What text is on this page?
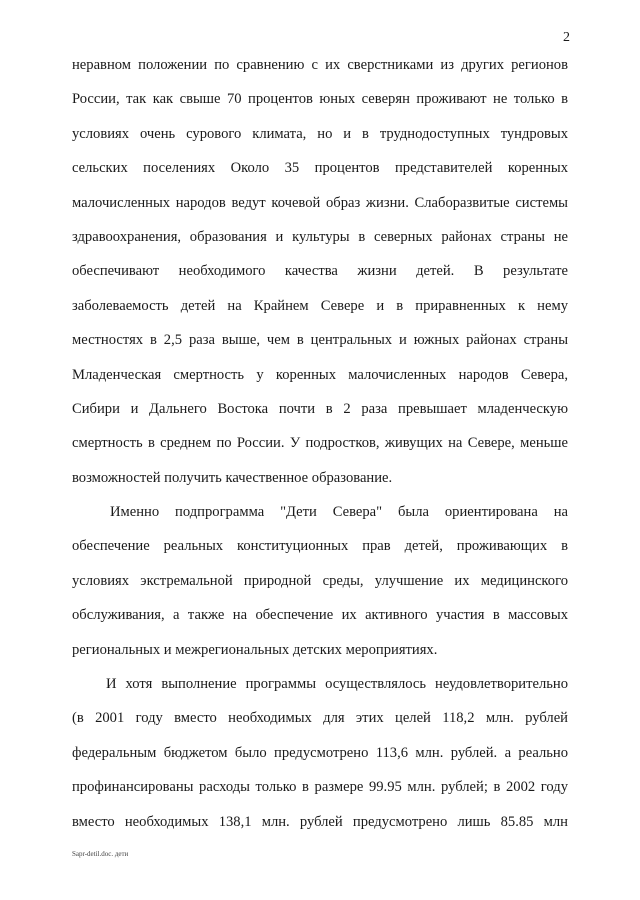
2
неравном положении по сравнению с их сверстниками из других регионов
России, так как свыше 70 процентов юных северян проживают не только в
условиях очень сурового климата, но и в труднодоступных тундровых
сельских поселениях Около 35 процентов представителей коренных
малочисленных народов ведут кочевой образ жизни. Слаборазвитые системы
здравоохранения, образования и культуры в северных районах страны не
обеспечивают необходимого качества жизни детей. В результате
заболеваемость детей на Крайнем Севере и в приравненных к нему
местностях в 2,5 раза выше, чем в центральных и южных районах страны
Младенческая смертность у коренных малочисленных народов Севера,
Сибири и Дальнего Востока почти в 2 раза превышает младенческую
смертность в среднем по России. У подростков, живущих на Севере, меньше
возможностей получить качественное образование.
Именно подпрограмма "Дети Севера" была ориентирована на
обеспечение реальных конституционных прав детей, проживающих в
условиях экстремальной природной среды, улучшение их медицинского
обслуживания, а также на обеспечение их активного участия в массовых
региональных и межрегиональных детских мероприятиях.
И хотя выполнение программы осуществлялось неудовлетворительно
(в 2001 году вместо необходимых для этих целей 118,2 млн. рублей
федеральным бюджетом было предусмотрено 113,6 млн. рублей. а реально
профинансированы расходы только в размере 99.95 млн. рублей; в 2002 году
вместо необходимых 138,1 млн. рублей предусмотрено лишь 85.85 млн
Sapr-detil.doc. дети
